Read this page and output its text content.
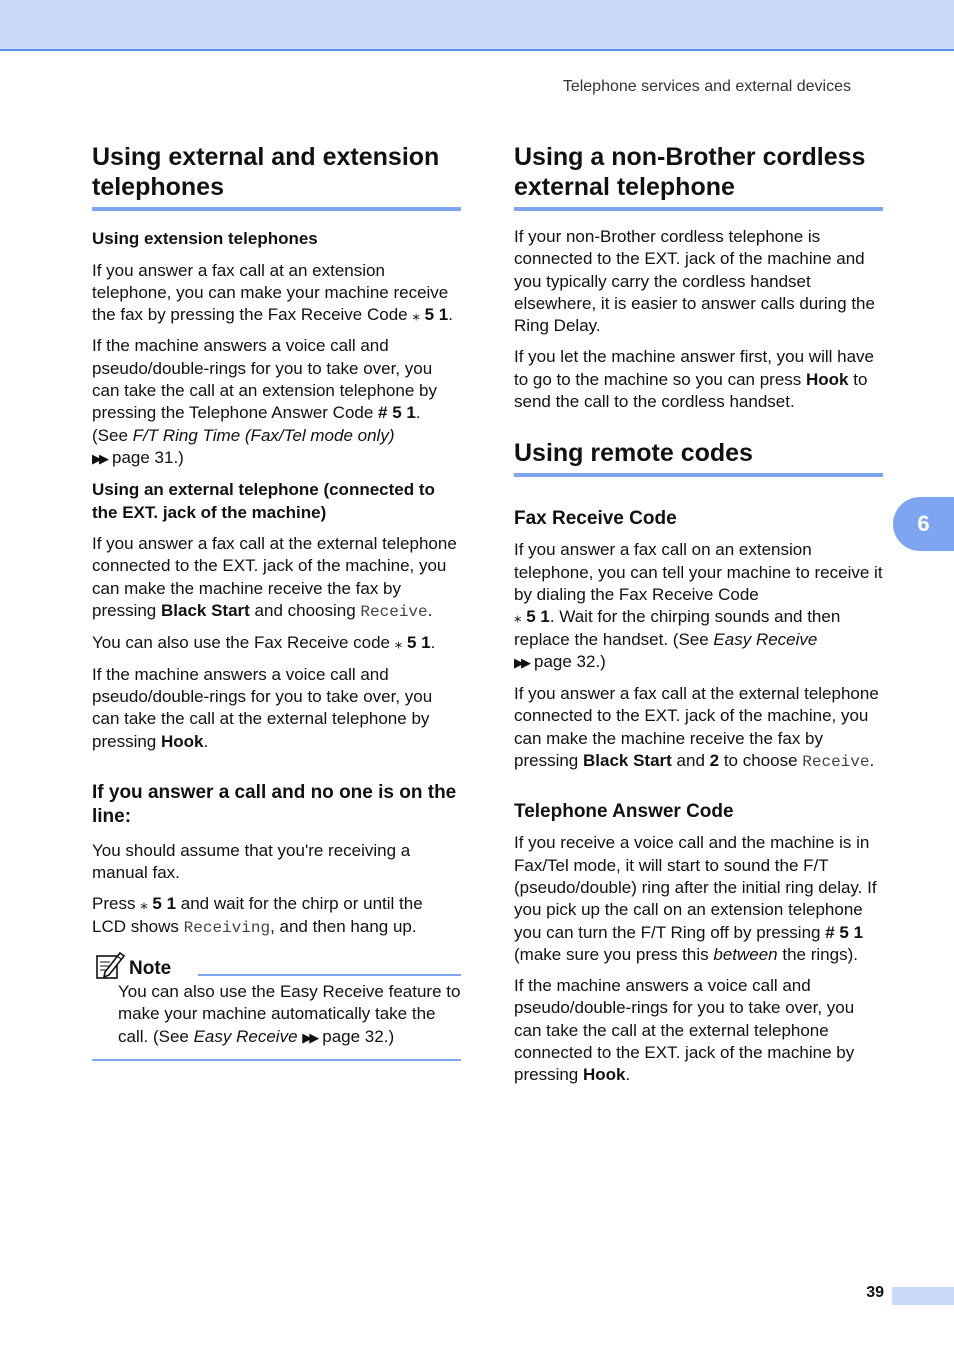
Telephone services and external devices
Using external and extension telephones
Using extension telephones

If you answer a fax call at an extension telephone, you can make your machine receive the fax by pressing the Fax Receive Code ⁎ 5 1.

If the machine answers a voice call and pseudo/double-rings for you to take over, you can take the call at an extension telephone by pressing the Telephone Answer Code # 5 1. (See F/T Ring Time (Fax/Tel mode only)
▶▶ page 31.)

Using an external telephone (connected to the EXT. jack of the machine)

If you answer a fax call at the external telephone connected to the EXT. jack of the machine, you can make the machine receive the fax by pressing Black Start and choosing Receive.

You can also use the Fax Receive code ⁎ 5 1.

If the machine answers a voice call and pseudo/double-rings for you to take over, you can take the call at the external telephone by pressing Hook.

If you answer a call and no one is on the line:

You should assume that you're receiving a manual fax.

Press ⁎ 5 1 and wait for the chirp or until the LCD shows Receiving, and then hang up.

Note

You can also use the Easy Receive feature to make your machine automatically take the call. (See Easy Receive ▶▶ page 32.)

Using a non-Brother cordless external telephone

If your non-Brother cordless telephone is connected to the EXT. jack of the machine and you typically carry the cordless handset elsewhere, it is easier to answer calls during the Ring Delay.

If you let the machine answer first, you will have to go to the machine so you can press Hook to send the call to the cordless handset.

Using remote codes
Fax Receive Code

If you answer a fax call on an extension telephone, you can tell your machine to receive it by dialing the Fax Receive Code
⁎ 5 1. Wait for the chirping sounds and then replace the handset. (See Easy Receive
▶▶ page 32.)

If you answer a fax call at the external telephone connected to the EXT. jack of the machine, you can make the machine receive the fax by pressing Black Start and 2 to choose Receive.

Telephone Answer Code

If you receive a voice call and the machine is in Fax/Tel mode, it will start to sound the F/T (pseudo/double) ring after the initial ring delay. If you pick up the call on an extension telephone you can turn the F/T Ring off by pressing # 5 1 (make sure you press this between the rings).

If the machine answers a voice call and pseudo/double-rings for you to take over, you can take the call at the external telephone connected to the EXT. jack of the machine by pressing Hook.

6
39
